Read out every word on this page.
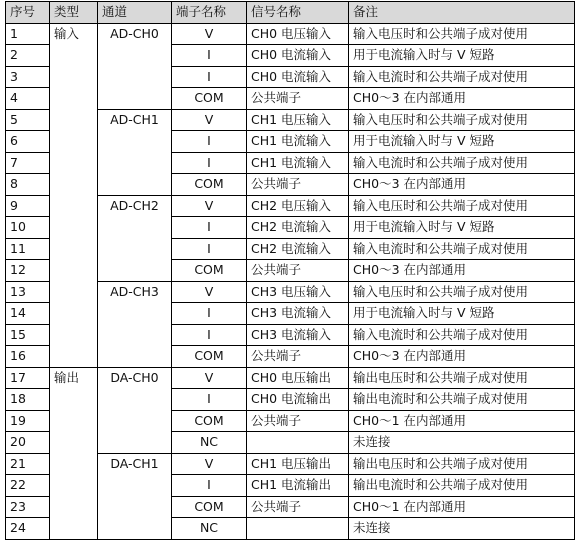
序号	类型	通道	端子名称	信号名称	备注
1	输入	AD-CH0	V	CH0 电压输入	输入电压时和公共端子成对使用
2			I	CH0 电流输入	用于电流输入时与 V 短路
3			I	CH0 电流输入	输入电流时和公共端子成对使用
4			COM	公共端子	CH0～3 在内部通用
5		AD-CH1	V	CH1 电压输入	输入电压时和公共端子成对使用
6			I	CH1 电流输入	用于电流输入时与 V 短路
7			I	CH1 电流输入	输入电流时和公共端子成对使用
8			COM	公共端子	CH0～3 在内部通用
9		AD-CH2	V	CH2 电压输入	输入电压时和公共端子成对使用
10			I	CH2 电流输入	用于电流输入时与 V 短路
11			I	CH2 电流输入	输入电流时和公共端子成对使用
12			COM	公共端子	CH0～3 在内部通用
13		AD-CH3	V	CH3 电压输入	输入电压时和公共端子成对使用
14			I	CH3 电流输入	用于电流输入时与 V 短路
15			I	CH3 电流输入	输入电流时和公共端子成对使用
16			COM	公共端子	CH0～3 在内部通用
17	输出	DA-CH0	V	CH0 电压输出	输出电压时和公共端子成对使用
18			I	CH0 电流输出	输出电流时和公共端子成对使用
19			COM	公共端子	CH0～1 在内部通用
20			NC		未连接
21		DA-CH1	V	CH1 电压输出	输出电压时和公共端子成对使用
22			I	CH1 电流输出	输出电流时和公共端子成对使用
23			COM	公共端子	CH0～1 在内部通用
24			NC		未连接
